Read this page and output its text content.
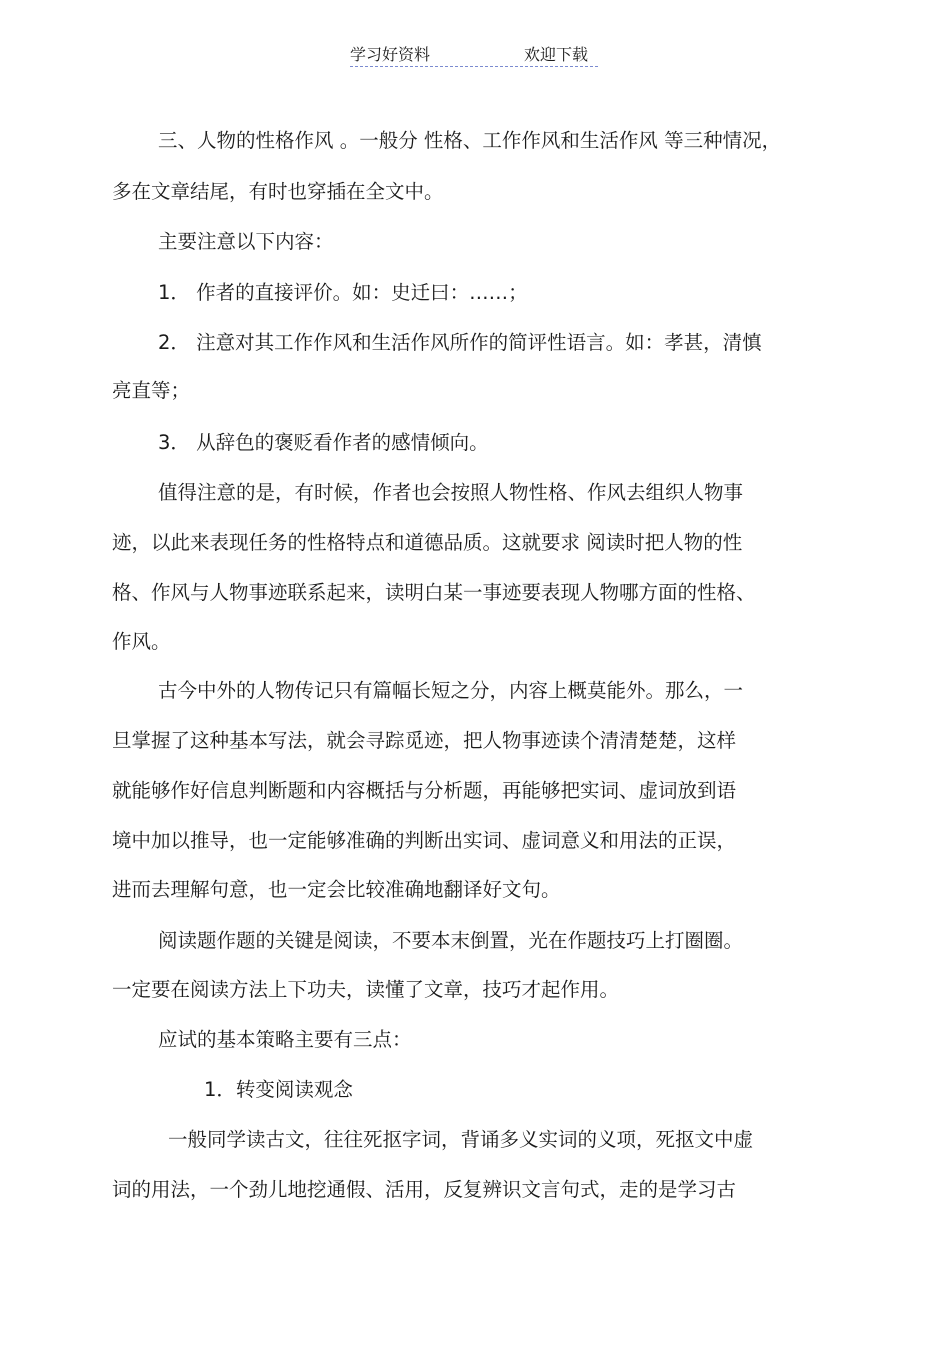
学习好资料	欢迎下载
三、人物的性格作风 。一般分 性格、工作作风和生活作风 等三种情况，
多在文章结尾，有时也穿插在全文中。
主要注意以下内容：
1． 作者的直接评价。如：史迁曰：……；
2． 注意对其工作作风和生活作风所作的简评性语言。如：孝甚，清慎
亮直等；
3． 从辞色的褒贬看作者的感情倾向。
值得注意的是，有时候，作者也会按照人物性格、作风去组织人物事
迹，以此来表现任务的性格特点和道德品质。这就要求 阅读时把人物的性
格、作风与人物事迹联系起来，读明白某一事迹要表现人物哪方面的性格、
作风。
古今中外的人物传记只有篇幅长短之分，内容上概莫能外。那么，一
旦掌握了这种基本写法，就会寻踪觅迹，把人物事迹读个清清楚楚，这样
就能够作好信息判断题和内容概括与分析题，再能够把实词、虚词放到语
境中加以推导，也一定能够准确的判断出实词、虚词意义和用法的正误，
进而去理解句意，也一定会比较准确地翻译好文句。
阅读题作题的关键是阅读，不要本末倒置，光在作题技巧上打圈圈。
一定要在阅读方法上下功夫，读懂了文章，技巧才起作用。
应试的基本策略主要有三点：
1．转变阅读观念
一般同学读古文，往往死抠字词，背诵多义实词的义项，死抠文中虚
词的用法，一个劲儿地挖通假、活用，反复辨识文言句式，走的是学习古
